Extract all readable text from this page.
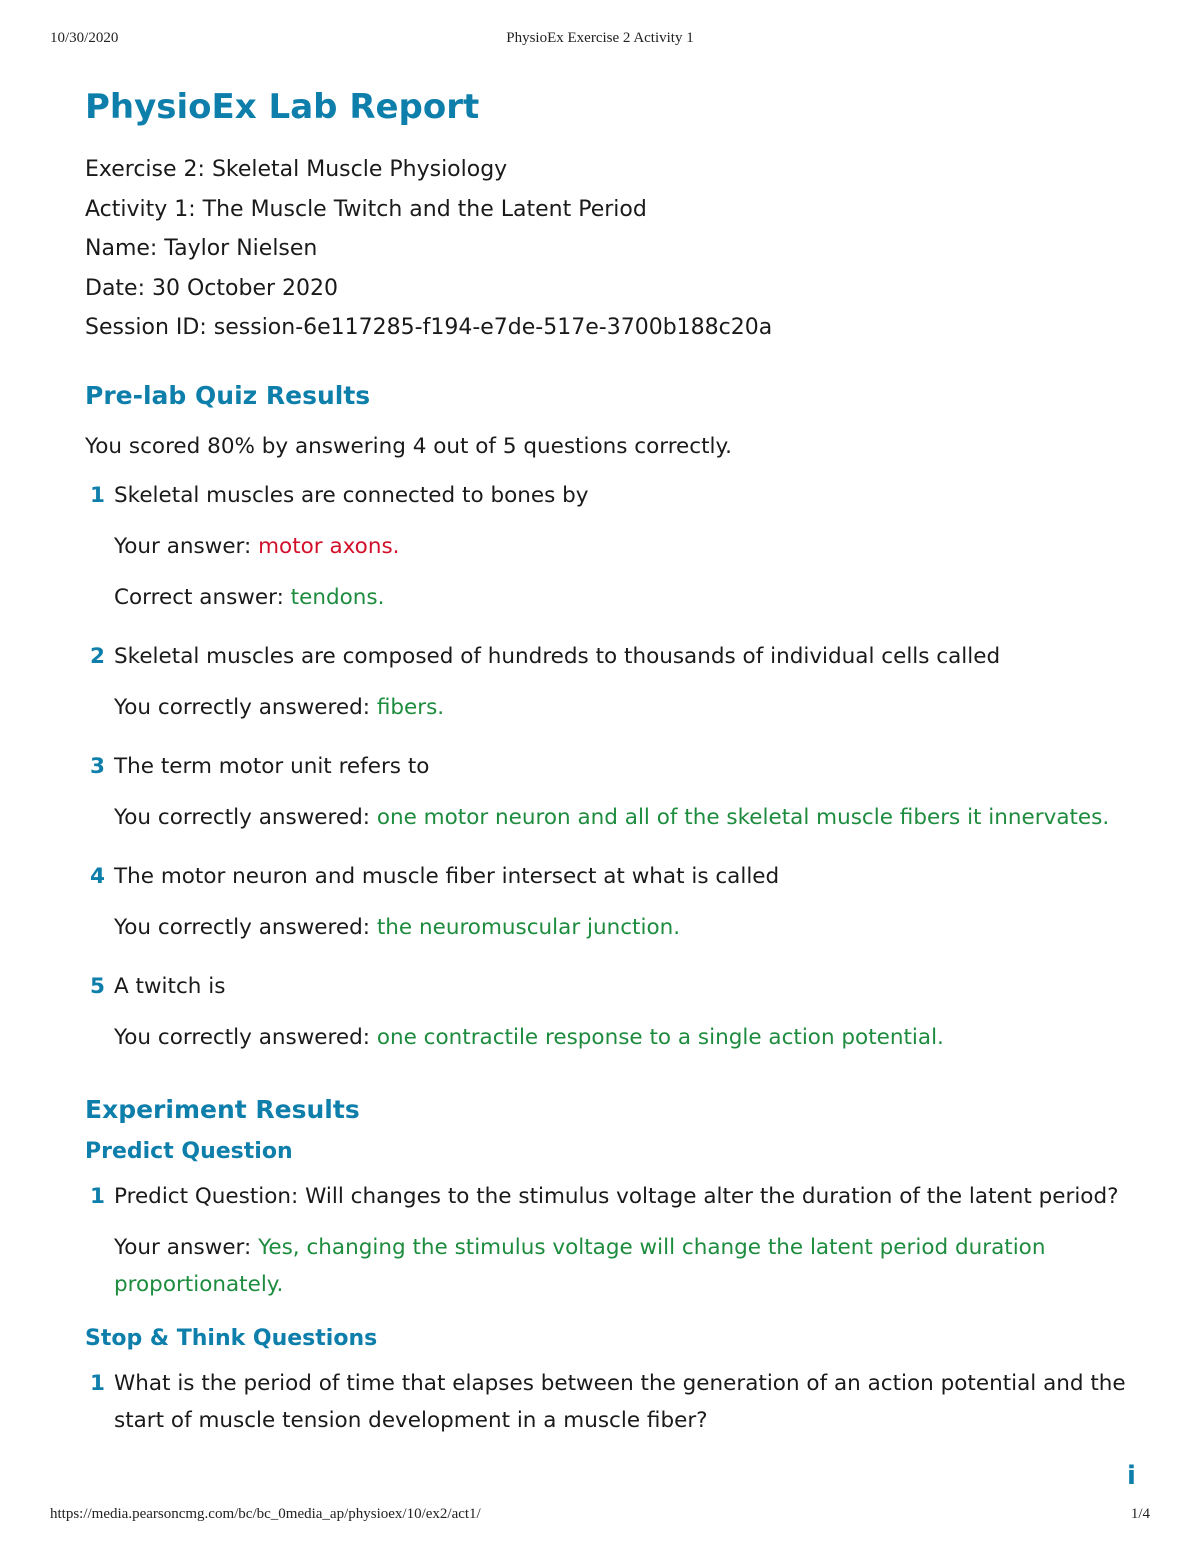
10/30/2020	PhysioEx Exercise 2 Activity 1
PhysioEx Lab Report
Exercise 2: Skeletal Muscle Physiology
Activity 1: The Muscle Twitch and the Latent Period
Name: Taylor Nielsen
Date: 30 October 2020
Session ID: session-6e117285-f194-e7de-517e-3700b188c20a
Pre-lab Quiz Results
You scored 80% by answering 4 out of 5 questions correctly.
1 Skeletal muscles are connected to bones by
Your answer: motor axons.
Correct answer: tendons.
2 Skeletal muscles are composed of hundreds to thousands of individual cells called
You correctly answered: fibers.
3 The term motor unit refers to
You correctly answered: one motor neuron and all of the skeletal muscle fibers it innervates.
4 The motor neuron and muscle fiber intersect at what is called
You correctly answered: the neuromuscular junction.
5 A twitch is
You correctly answered: one contractile response to a single action potential.
Experiment Results
Predict Question
1 Predict Question: Will changes to the stimulus voltage alter the duration of the latent period?
Your answer: Yes, changing the stimulus voltage will change the latent period duration proportionately.
Stop & Think Questions
1 What is the period of time that elapses between the generation of an action potential and the start of muscle tension development in a muscle fiber?
i
https://media.pearsoncmg.com/bc/bc_0media_ap/physioex/10/ex2/act1/	1/4
